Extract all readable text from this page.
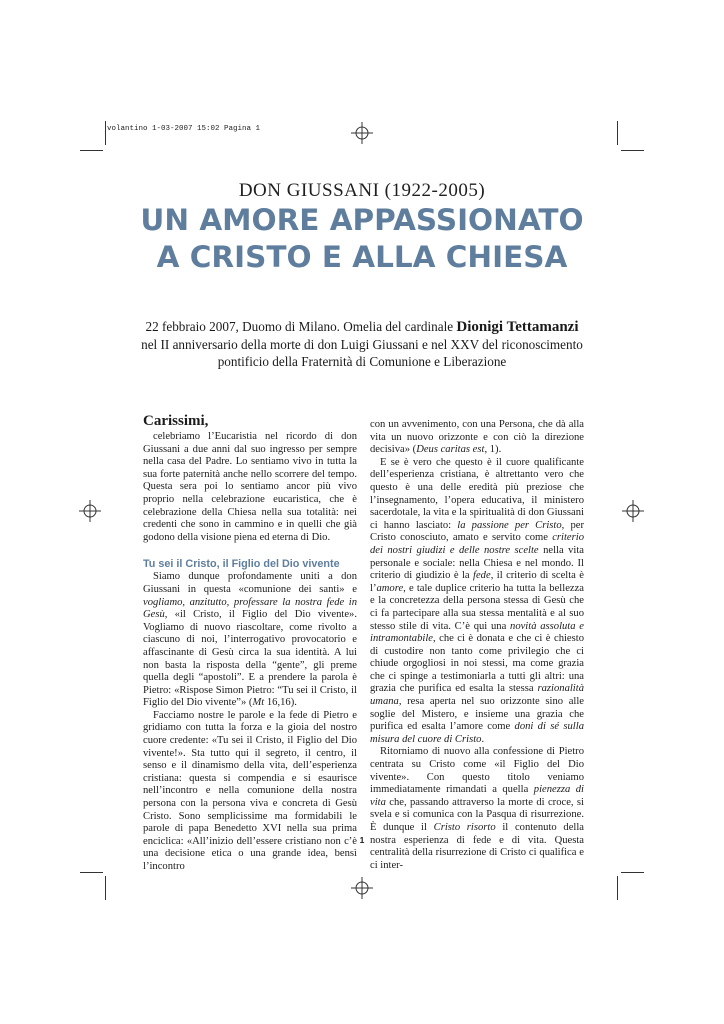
volantino 1-03-2007 15:02 Pagina 1
DON GIUSSANI (1922-2005)
UN AMORE APPASSIONATO
A CRISTO E ALLA CHIESA
22 febbraio 2007, Duomo di Milano. Omelia del cardinale Dionigi Tettamanzi
nel II anniversario della morte di don Luigi Giussani e nel XXV del riconoscimento
pontificio della Fraternità di Comunione e Liberazione
Carissimi,

celebriamo l’Eucaristia nel ricordo di don Giussani a due anni dal suo ingresso per sempre nella casa del Padre. Lo sentiamo vivo in tutta la sua forte paternità anche nello scorrere del tempo. Questa sera poi lo sentiamo ancor più vivo proprio nella celebrazione eucaristica, che è celebrazione della Chiesa nella sua totalità: nei credenti che sono in cammino e in quelli che già godono della visione piena ed eterna di Dio.

Tu sei il Cristo, il Figlio del Dio vivente

Siamo dunque profondamente uniti a don Giussani in questa «comunione dei santi» e vogliamo, anzitutto, professare la nostra fede in Gesù, «il Cristo, il Figlio del Dio vivente». Vogliamo di nuovo riascoltare, come rivolto a ciascuno di noi, l’interrogativo provocatorio e affascinante di Gesù circa la sua identità. A lui non basta la risposta della “gente”, gli preme quella degli “apostoli”. E a prendere la parola è Pietro: «Rispose Simon Pietro: “Tu sei il Cristo, il Figlio del Dio vivente”» (Mt 16,16).

Facciamo nostre le parole e la fede di Pietro e gridiamo con tutta la forza e la gioia del nostro cuore credente: «Tu sei il Cristo, il Figlio del Dio vivente!». Sta tutto qui il segreto, il centro, il senso e il dinamismo della vita, dell’esperienza cristiana: questa si compendia e si esaurisce nell’incontro e nella comunione della nostra persona con la persona viva e concreta di Gesù Cristo. Sono semplicissime ma formidabili le parole di papa Benedetto XVI nella sua prima enciclica: «All’inizio dell’essere cristiano non c’è una decisione etica o una grande idea, bensì l’incontro

con un avvenimento, con una Persona, che dà alla vita un nuovo orizzonte e con ciò la direzione decisiva» (Deus caritas est, 1).

E se è vero che questo è il cuore qualificante dell’esperienza cristiana, è altrettanto vero che questo è una delle eredità più preziose che l’insegnamento, l’opera educativa, il ministero sacerdotale, la vita e la spiritualità di don Giussani ci hanno lasciato: la passione per Cristo, per Cristo conosciuto, amato e servito come criterio dei nostri giudizi e delle nostre scelte nella vita personale e sociale: nella Chiesa e nel mondo. Il criterio di giudizio è la fede, il criterio di scelta è l’amore, e tale duplice criterio ha tutta la bellezza e la concretezza della persona stessa di Gesù che ci fa partecipare alla sua stessa mentalità e al suo stesso stile di vita. C’è qui una novità assoluta e intramontabile, che ci è donata e che ci è chiesto di custodire non tanto come privilegio che ci chiude orgogliosi in noi stessi, ma come grazia che ci spinge a testimoniarla a tutti gli altri: una grazia che purifica ed esalta la stessa razionalità umana, resa aperta nel suo orizzonte sino alle soglie del Mistero, e insieme una grazia che purifica ed esalta l’amore come doni di sé sulla misura del cuore di Cristo.

Ritorniamo di nuovo alla confessione di Pietro centrata su Cristo come «il Figlio del Dio vivente». Con questo titolo veniamo immediatamente rimandati a quella pienezza di vita che, passando attraverso la morte di croce, si svela e si comunica con la Pasqua di risurrezione. È dunque il Cristo risorto il contenuto della nostra esperienza di fede e di vita. Questa centralità della risurrezione di Cristo ci qualifica e ci inter-

1
